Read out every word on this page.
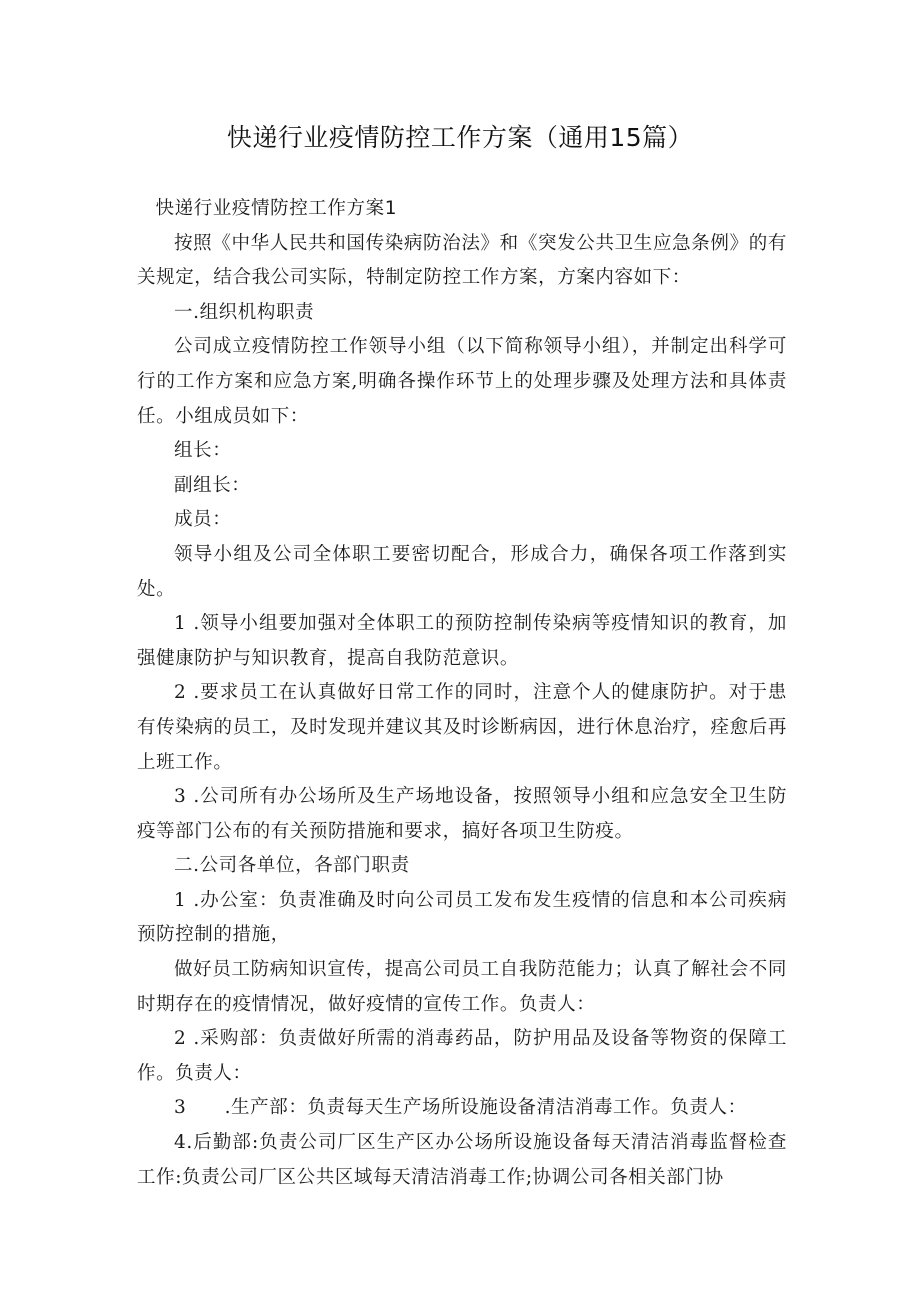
快递行业疫情防控工作方案（通用15篇）

快递行业疫情防控工作方案1

按照《中华人民共和国传染病防治法》和《突发公共卫生应急条例》的有关规定，结合我公司实际，特制定防控工作方案，方案内容如下：

一.组织机构职责

公司成立疫情防控工作领导小组（以下简称领导小组），并制定出科学可行的工作方案和应急方案,明确各操作环节上的处理步骤及处理方法和具体责任。小组成员如下：

组长：

副组长：

成员：

领导小组及公司全体职工要密切配合，形成合力，确保各项工作落到实处。

1 .领导小组要加强对全体职工的预防控制传染病等疫情知识的教育，加强健康防护与知识教育，提高自我防范意识。

2 .要求员工在认真做好日常工作的同时，注意个人的健康防护。对于患有传染病的员工，及时发现并建议其及时诊断病因，进行休息治疗，痊愈后再上班工作。

3 .公司所有办公场所及生产场地设备，按照领导小组和应急安全卫生防疫等部门公布的有关预防措施和要求，搞好各项卫生防疫。

二.公司各单位，各部门职责

1 .办公室：负责准确及时向公司员工发布发生疫情的信息和本公司疾病预防控制的措施，

做好员工防病知识宣传，提高公司员工自我防范能力；认真了解社会不同时期存在的疫情情况，做好疫情的宣传工作。负责人：

2 .采购部：负责做好所需的消毒药品，防护用品及设备等物资的保障工作。负责人：

3　　.生产部：负责每天生产场所设施设备清洁消毒工作。负责人：

4.后勤部:负责公司厂区生产区办公场所设施设备每天清洁消毒监督检查工作:负责公司厂区公共区域每天清洁消毒工作;协调公司各相关部门协
